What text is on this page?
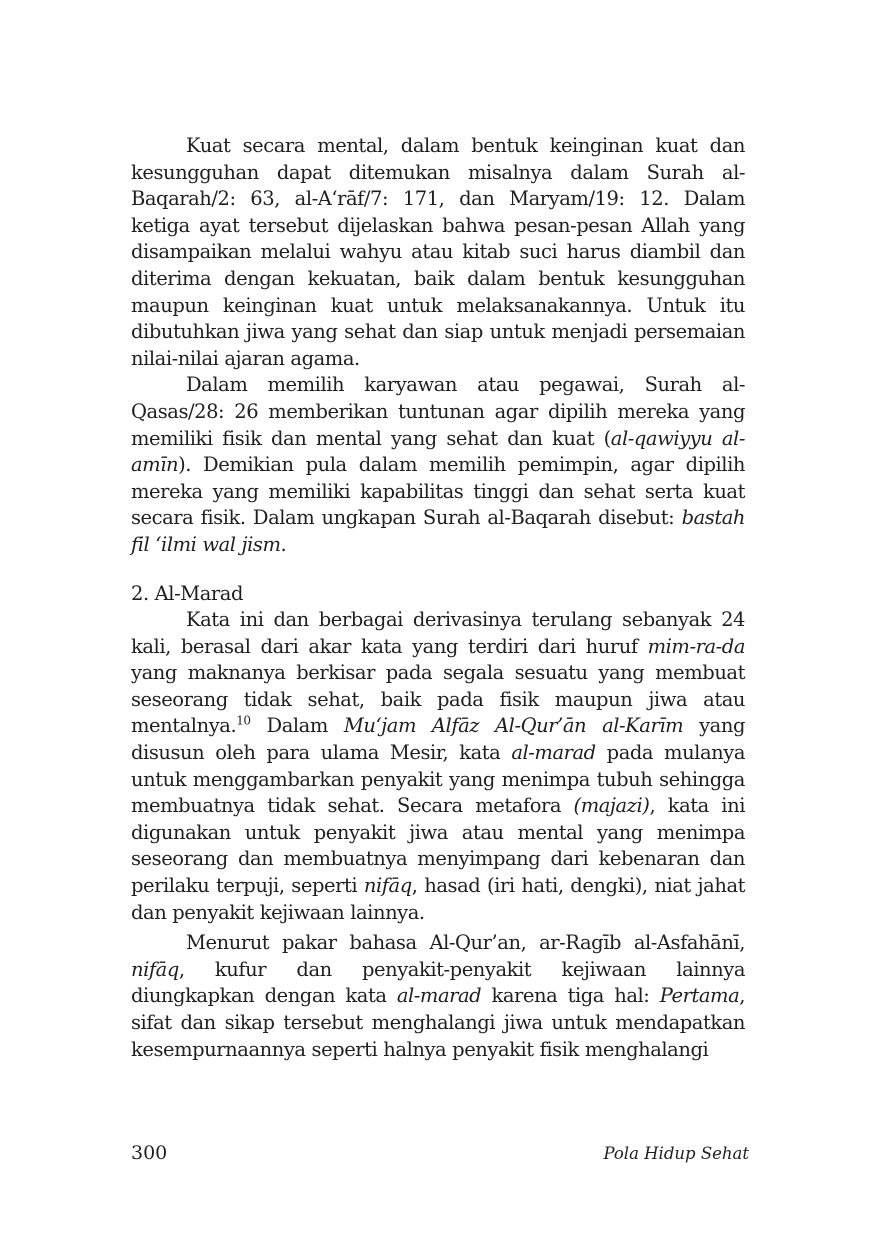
Kuat secara mental, dalam bentuk keinginan kuat dan kesungguhan dapat ditemukan misalnya dalam Surah al-Baqarah/2: 63, al-A‘rāf/7: 171, dan Maryam/19: 12. Dalam ketiga ayat tersebut dijelaskan bahwa pesan-pesan Allah yang disampaikan melalui wahyu atau kitab suci harus diambil dan diterima dengan kekuatan, baik dalam bentuk kesungguhan maupun keinginan kuat untuk melaksanakannya. Untuk itu dibutuhkan jiwa yang sehat dan siap untuk menjadi persemaian nilai-nilai ajaran agama.

Dalam memilih karyawan atau pegawai, Surah al-Qasas/28: 26 memberikan tuntunan agar dipilih mereka yang memiliki fisik dan mental yang sehat dan kuat (al-qawiyyu al-amīn). Demikian pula dalam memilih pemimpin, agar dipilih mereka yang memiliki kapabilitas tinggi dan sehat serta kuat secara fisik. Dalam ungkapan Surah al-Baqarah disebut: bastah fil ‘ilmi wal jism.

2. Al-Marad

Kata ini dan berbagai derivasinya terulang sebanyak 24 kali, berasal dari akar kata yang terdiri dari huruf mim-ra-da yang maknanya berkisar pada segala sesuatu yang membuat seseorang tidak sehat, baik pada fisik maupun jiwa atau mentalnya.$^{10}$ Dalam Mu‘jam Alfāz Al-Qur’ān al-Karīm yang disusun oleh para ulama Mesir, kata al-marad pada mulanya untuk menggambarkan penyakit yang menimpa tubuh sehingga membuatnya tidak sehat. Secara metafora (majazi), kata ini digunakan untuk penyakit jiwa atau mental yang menimpa seseorang dan membuatnya menyimpang dari kebenaran dan perilaku terpuji, seperti nifāq, hasad (iri hati, dengki), niat jahat dan penyakit kejiwaan lainnya.

Menurut pakar bahasa Al-Qur’an, ar-Ragīb al-Asfahānī, nifāq, kufur dan penyakit-penyakit kejiwaan lainnya diungkapkan dengan kata al-marad karena tiga hal: Pertama, sifat dan sikap tersebut menghalangi jiwa untuk mendapatkan kesempurnaannya seperti halnya penyakit fisik menghalangi

300	Pola Hidup Sehat
